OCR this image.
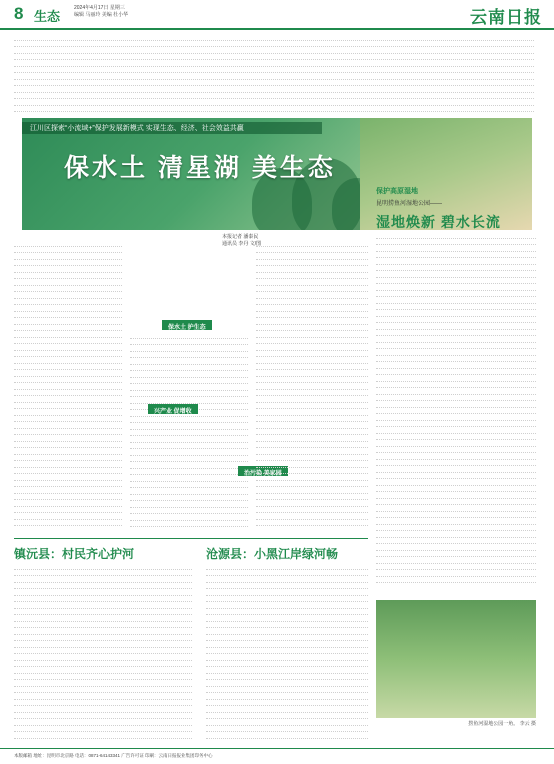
8 生态
2024年4月17日 星期三
编辑 马丽玲 美编 杜小华	云南日报
江川区探索“小流域+”保护发展新模式 实现生态、经济、社会效益共赢
保水土 清星湖 美生态
本报记者 潘泰民
通讯员 李丹 文/图
保护高原湿地
昆明捞鱼河湿地公园——
湿地焕新 碧水长流
保水土 护生态
兴产业 促增收
治污染 美家园
镇沅县：村民齐心护河	沧源县：小黑江岸绿河畅
捞鱼河湿地公园一角。 李云 摄
本版邮箱 地址：昆明市北京路 电话：0871-64143341 广告许可证 印刷：云南日报报业集团印务中心
